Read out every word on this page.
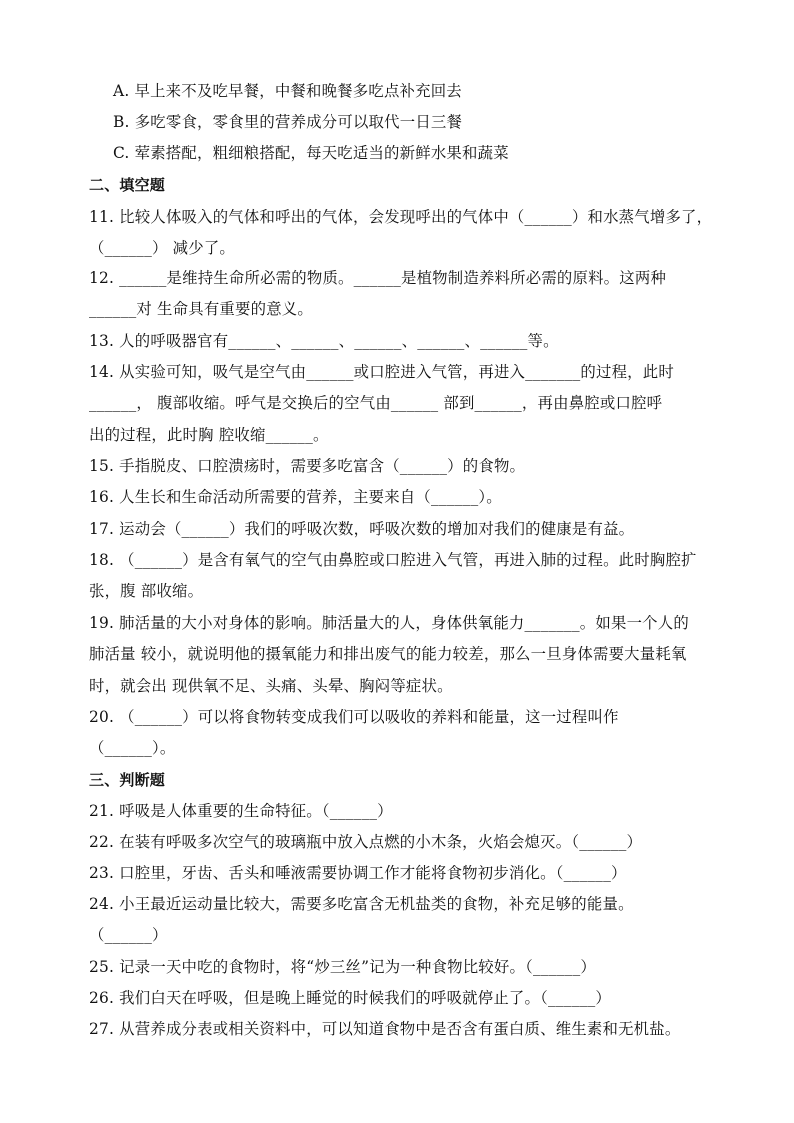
A. 早上来不及吃早餐，中餐和晚餐多吃点补充回去
B. 多吃零食，零食里的营养成分可以取代一日三餐
C. 荤素搭配，粗细粮搭配，每天吃适当的新鲜水果和蔬菜
二、填空题
11. 比较人体吸入的气体和呼出的气体，会发现呼出的气体中（______）和水蒸气增多了，
（______） 减少了。
12. ______是维持生命所必需的物质。______是植物制造养料所必需的原料。这两种
______对 生命具有重要的意义。
13. 人的呼吸器官有______、______、______、______、______等。
14. 从实验可知，吸气是空气由______或口腔进入气管，再进入_______的过程，此时
______， 腹部收缩。呼气是交换后的空气由______ 部到______，再由鼻腔或口腔呼
出的过程，此时胸 腔收缩______。
15. 手指脱皮、口腔溃疡时，需要多吃富含（______）的食物。
16. 人生长和生命活动所需要的营养，主要来自（______）。
17. 运动会（______）我们的呼吸次数，呼吸次数的增加对我们的健康是有益。
18. （______）是含有氧气的空气由鼻腔或口腔进入气管，再进入肺的过程。此时胸腔扩
张，腹 部收缩。
19. 肺活量的大小对身体的影响。肺活量大的人，身体供氧能力_______。如果一个人的
肺活量 较小，就说明他的摄氧能力和排出废气的能力较差，那么一旦身体需要大量耗氧
时，就会出 现供氧不足、头痛、头晕、胸闷等症状。
20. （______）可以将食物转变成我们可以吸收的养料和能量，这一过程叫作
（______）。
三、判断题
21. 呼吸是人体重要的生命特征。（______）
22. 在装有呼吸多次空气的玻璃瓶中放入点燃的小木条，火焰会熄灭。（______）
23. 口腔里，牙齿、舌头和唾液需要协调工作才能将食物初步消化。（______）
24. 小王最近运动量比较大，需要多吃富含无机盐类的食物，补充足够的能量。
（______）
25. 记录一天中吃的食物时，将“炒三丝”记为一种食物比较好。（______）
26. 我们白天在呼吸，但是晚上睡觉的时候我们的呼吸就停止了。（______）
27. 从营养成分表或相关资料中，可以知道食物中是否含有蛋白质、维生素和无机盐。
